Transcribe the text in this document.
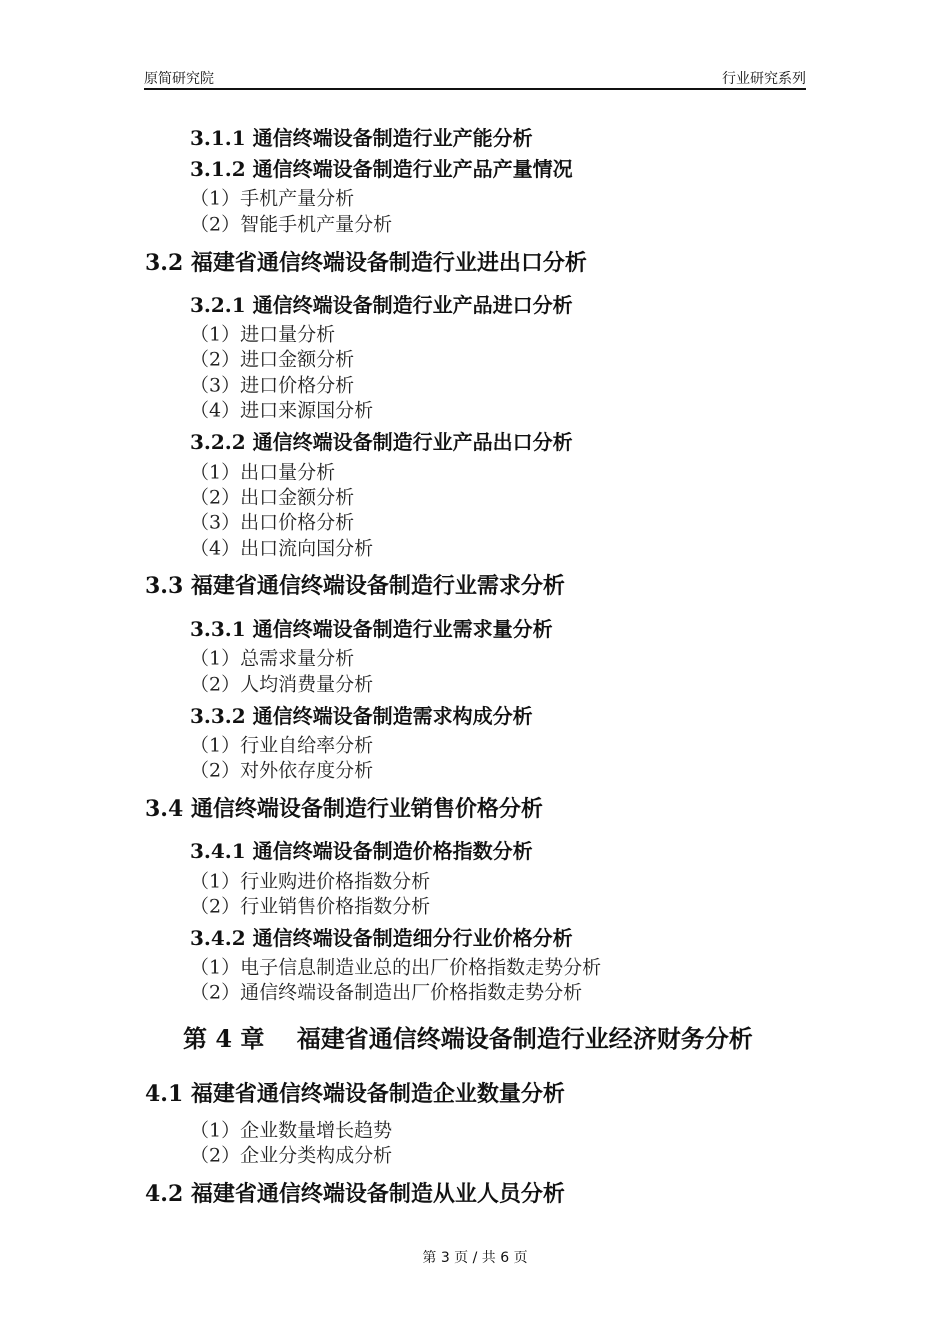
原简研究院	行业研究系列
3.1.1 通信终端设备制造行业产能分析
3.1.2 通信终端设备制造行业产品产量情况
（1）手机产量分析
（2）智能手机产量分析
3.2 福建省通信终端设备制造行业进出口分析
3.2.1 通信终端设备制造行业产品进口分析
（1）进口量分析
（2）进口金额分析
（3）进口价格分析
（4）进口来源国分析
3.2.2 通信终端设备制造行业产品出口分析
（1）出口量分析
（2）出口金额分析
（3）出口价格分析
（4）出口流向国分析
3.3 福建省通信终端设备制造行业需求分析
3.3.1 通信终端设备制造行业需求量分析
（1）总需求量分析
（2）人均消费量分析
3.3.2 通信终端设备制造需求构成分析
（1）行业自给率分析
（2）对外依存度分析
3.4 通信终端设备制造行业销售价格分析
3.4.1 通信终端设备制造价格指数分析
（1）行业购进价格指数分析
（2）行业销售价格指数分析
3.4.2 通信终端设备制造细分行业价格分析
（1）电子信息制造业总的出厂价格指数走势分析
（2）通信终端设备制造出厂价格指数走势分析
第 4 章　 福建省通信终端设备制造行业经济财务分析
4.1 福建省通信终端设备制造企业数量分析
（1）企业数量增长趋势
（2）企业分类构成分析
4.2 福建省通信终端设备制造从业人员分析
第 3 页 / 共 6 页
